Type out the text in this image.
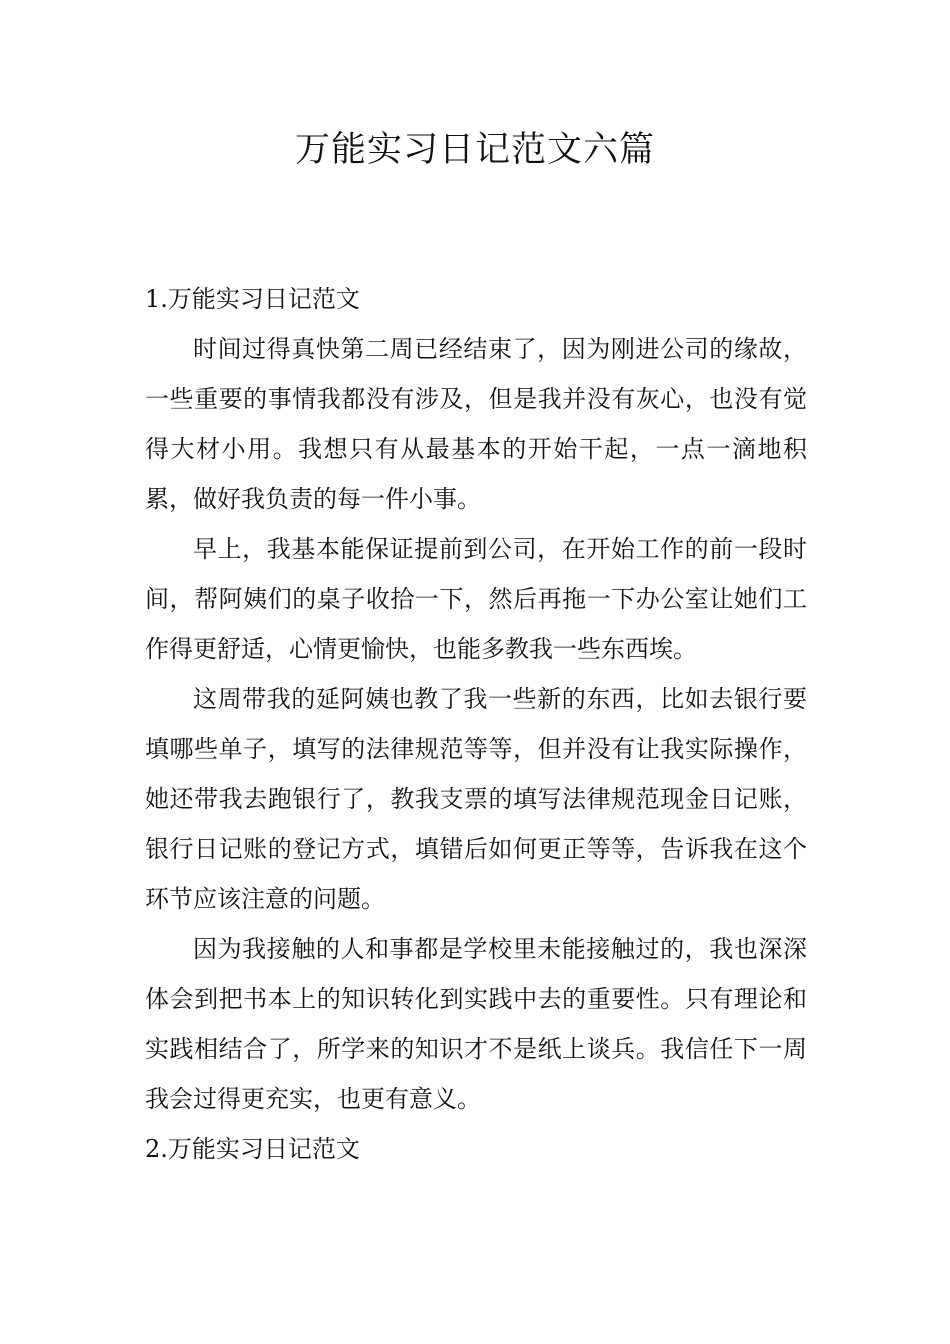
万能实习日记范文六篇

1.万能实习日记范文

时间过得真快第二周已经结束了，因为刚进公司的缘故，一些重要的事情我都没有涉及，但是我并没有灰心，也没有觉得大材小用。我想只有从最基本的开始干起，一点一滴地积累，做好我负责的每一件小事。

早上，我基本能保证提前到公司，在开始工作的前一段时间，帮阿姨们的桌子收拾一下，然后再拖一下办公室让她们工作得更舒适，心情更愉快，也能多教我一些东西埃。

这周带我的延阿姨也教了我一些新的东西，比如去银行要填哪些单子，填写的法律规范等等，但并没有让我实际操作，她还带我去跑银行了，教我支票的填写法律规范现金日记账，银行日记账的登记方式，填错后如何更正等等，告诉我在这个环节应该注意的问题。

因为我接触的人和事都是学校里未能接触过的，我也深深体会到把书本上的知识转化到实践中去的重要性。只有理论和实践相结合了，所学来的知识才不是纸上谈兵。我信任下一周我会过得更充实，也更有意义。

2.万能实习日记范文
